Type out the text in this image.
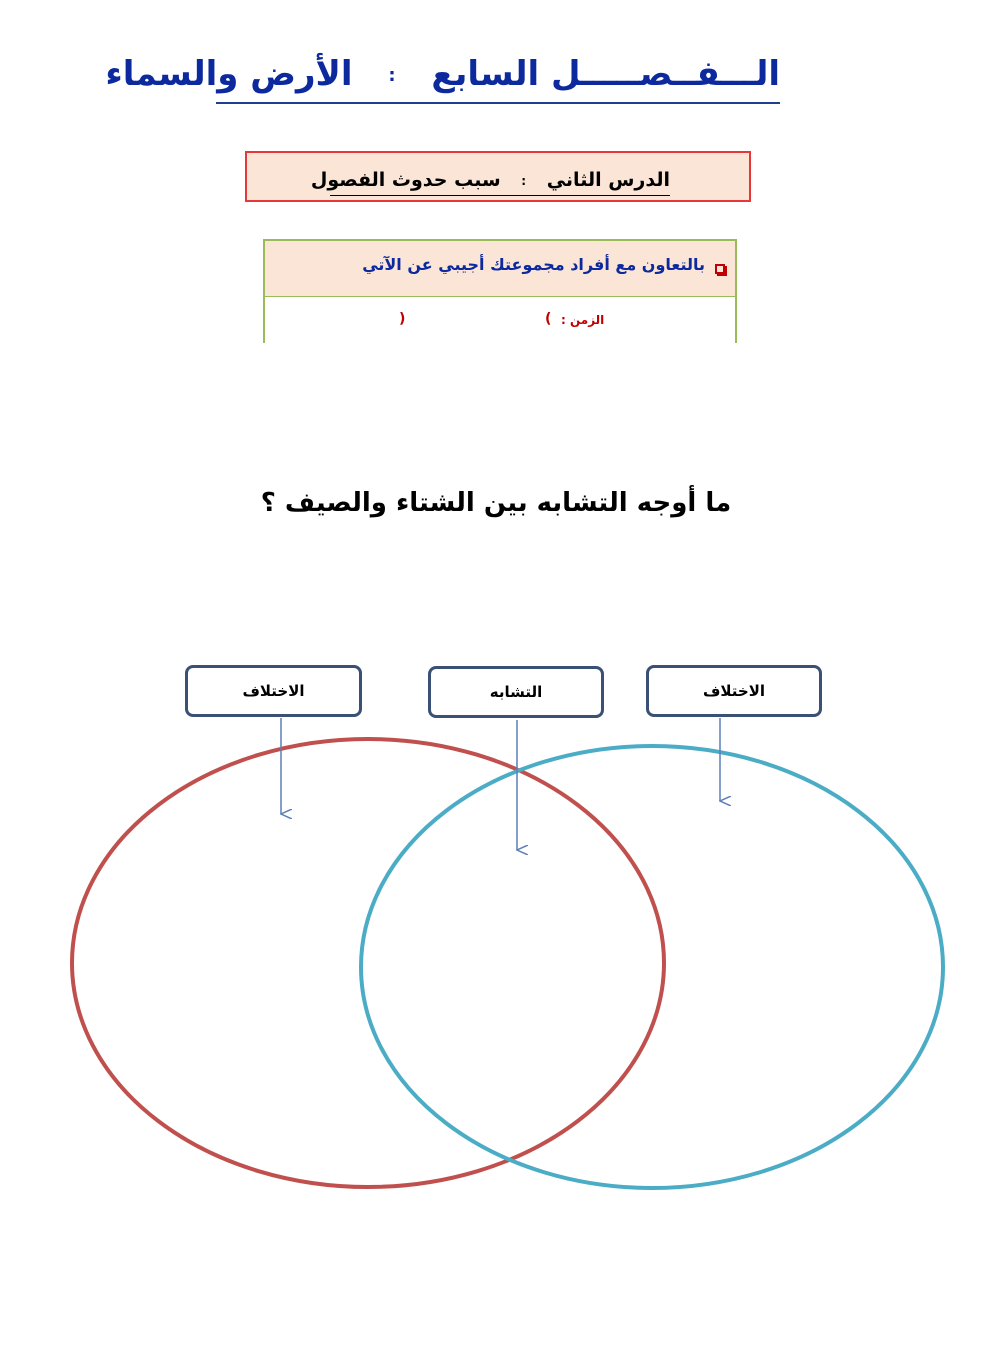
الـــفــصـــــل السابع : الأرض والسماء
الدرس الثاني : سبب حدوث الفصول
بالتعاون مع أفراد مجموعتك أجيبي عن الآتي
الزمن :
(
)
ما أوجه التشابه بين الشتاء والصيف ؟
الاختلاف	التشابه	الاختلاف
